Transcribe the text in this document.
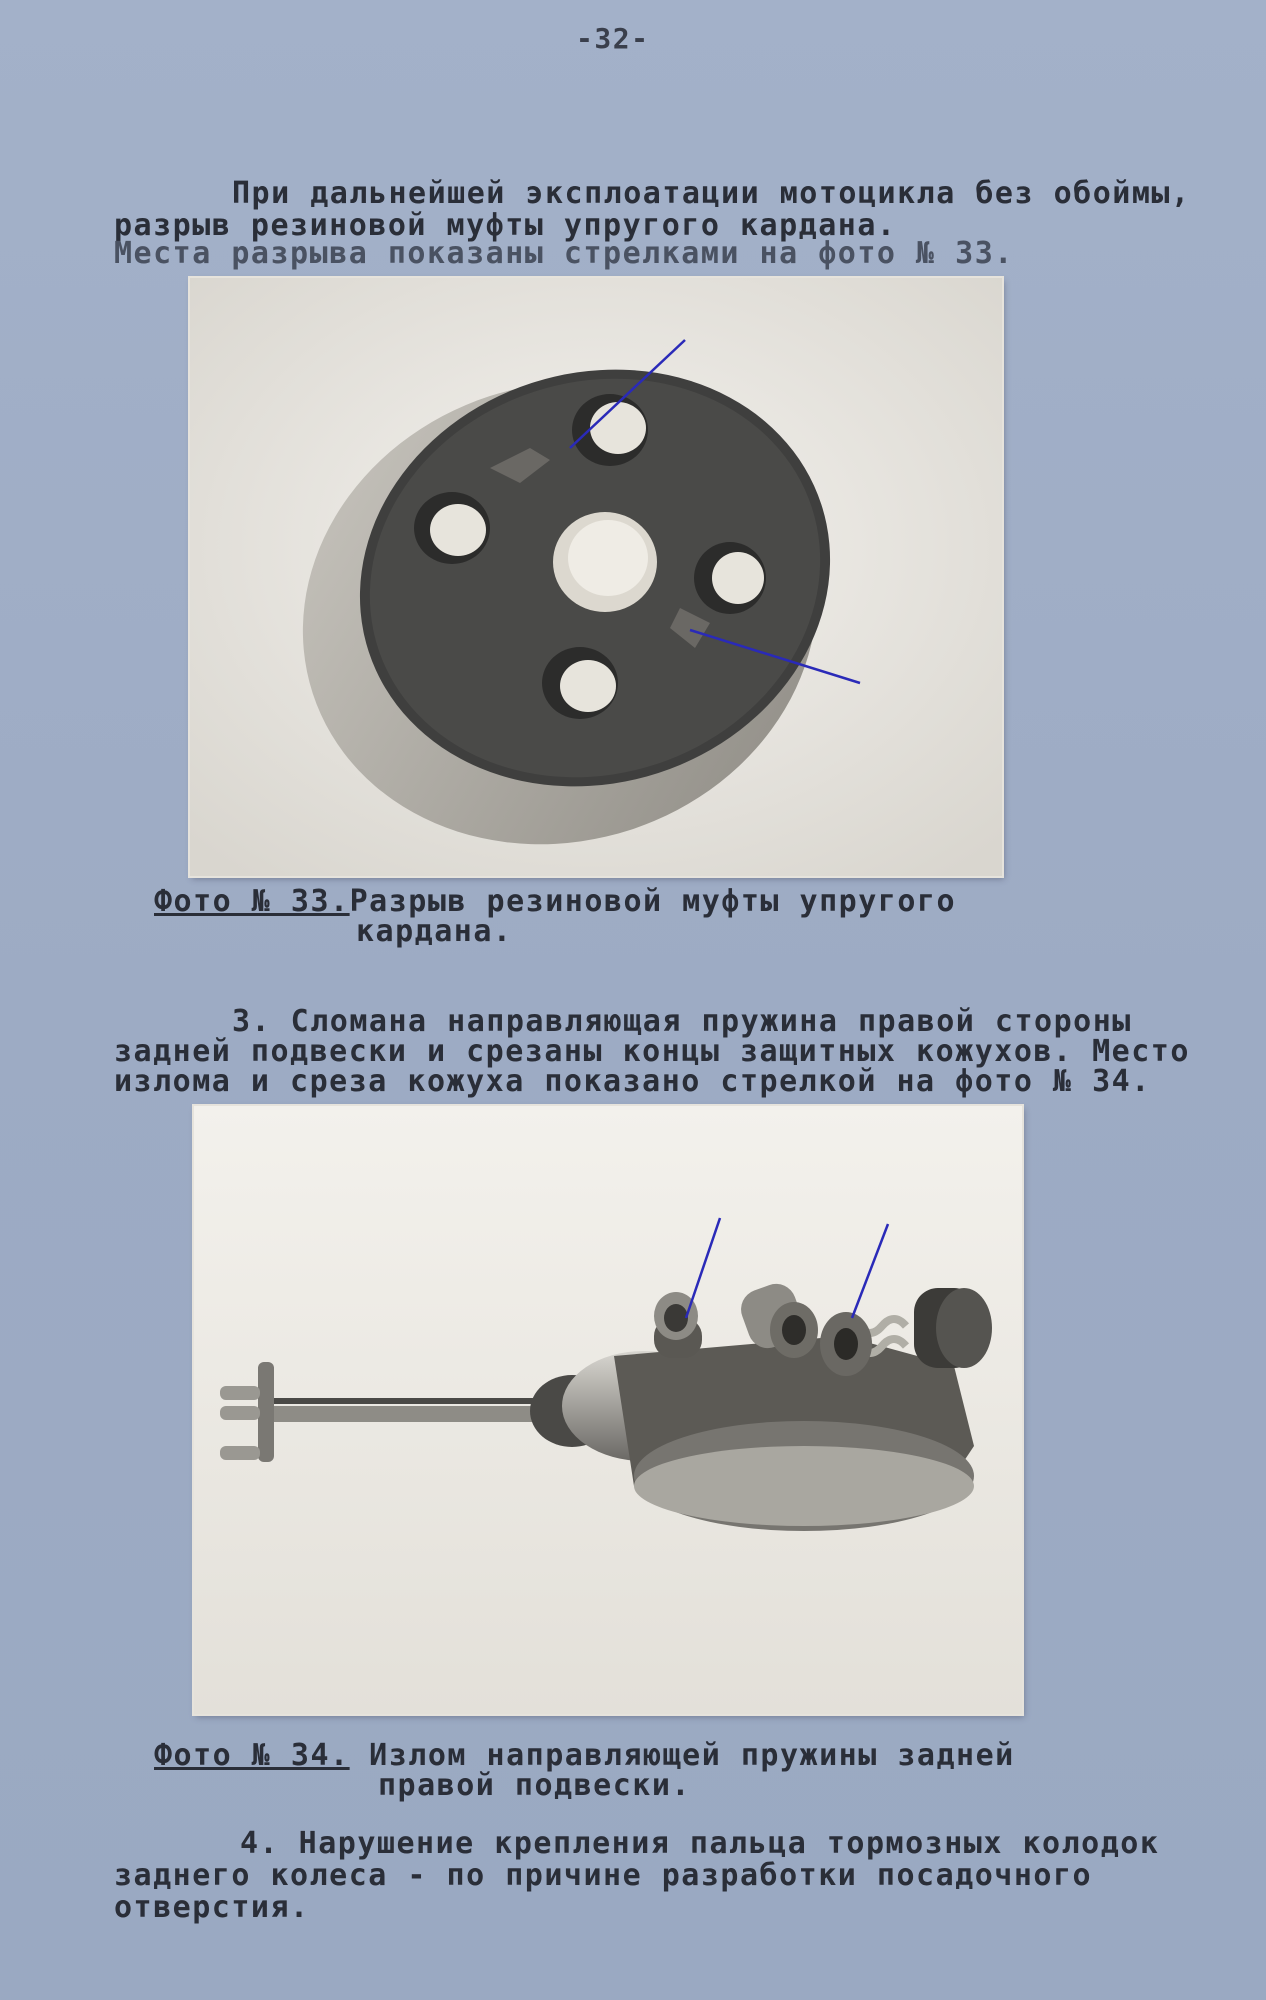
-32-
При дальнейшей эксплоатации мотоцикла без обоймы,
разрыв резиновой муфты упругого кардана.
Места разрыва показаны стрелками на фото № 33.
Фото № 33.Разрыв резиновой муфты упругого
кардана.
3. Сломана направляющая пружина правой стороны
задней подвески и срезаны концы защитных кожухов. Место
излома и среза кожуха показано стрелкой на фото № 34.
Фото № 34. Излом направляющей пружины задней
правой подвески.
4. Нарушение крепления пальца тормозных колодок
заднего колеса - по причине разработки посадочного
отверстия.
